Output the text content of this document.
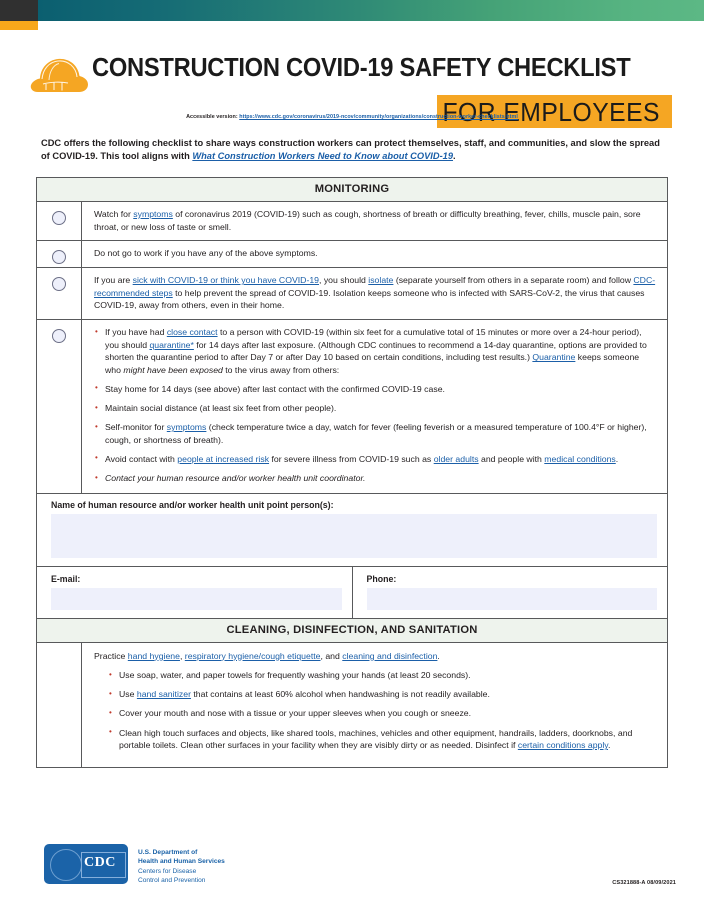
CONSTRUCTION COVID-19 SAFETY CHECKLIST
FOR EMPLOYEES
Accessible version: https://www.cdc.gov/coronavirus/2019-ncov/community/organizations/construction-worker-checklists.html
CDC offers the following checklist to share ways construction workers can protect themselves, staff, and communities, and slow the spread of COVID-19. This tool aligns with What Construction Workers Need to Know about COVID-19.
MONITORING
Watch for symptoms of coronavirus 2019 (COVID-19) such as cough, shortness of breath or difficulty breathing, fever, chills, muscle pain, sore throat, or new loss of taste or smell.
Do not go to work if you have any of the above symptoms.
If you are sick with COVID-19 or think you have COVID-19, you should isolate (separate yourself from others in a separate room) and follow CDC-recommended steps to help prevent the spread of COVID-19. Isolation keeps someone who is infected with SARS-CoV-2, the virus that causes COVID-19, away from others, even in their home.
• If you have had close contact to a person with COVID-19 (within six feet for a cumulative total of 15 minutes or more over a 24-hour period), you should quarantine* for 14 days after last exposure. (Although CDC continues to recommend a 14-day quarantine, options are provided to shorten the quarantine period to after Day 7 or after Day 10 based on certain conditions, including test results.) Quarantine keeps someone who might have been exposed to the virus away from others:
• Stay home for 14 days (see above) after last contact with the confirmed COVID-19 case.
• Maintain social distance (at least six feet from other people).
• Self-monitor for symptoms (check temperature twice a day, watch for fever (feeling feverish or a measured temperature of 100.4°F or higher), cough, or shortness of breath).
• Avoid contact with people at increased risk for severe illness from COVID-19 such as older adults and people with medical conditions.
• Contact your human resource and/or worker health unit coordinator.
Name of human resource and/or worker health unit point person(s):
E-mail:	Phone:
CLEANING, DISINFECTION, AND SANITATION
Practice hand hygiene, respiratory hygiene/cough etiquette, and cleaning and disinfection.
• Use soap, water, and paper towels for frequently washing your hands (at least 20 seconds).
• Use hand sanitizer that contains at least 60% alcohol when handwashing is not readily available.
• Cover your mouth and nose with a tissue or your upper sleeves when you cough or sneeze.
• Clean high touch surfaces and objects, like shared tools, machines, vehicles and other equipment, handrails, ladders, doorknobs, and portable toilets. Clean other surfaces in your facility when they are visibly dirty or as needed. Disinfect if certain conditions apply.
CDC
U.S. Department of
Health and Human Services
Centers for Disease
Control and Prevention	CS321888-A 08/09/2021
